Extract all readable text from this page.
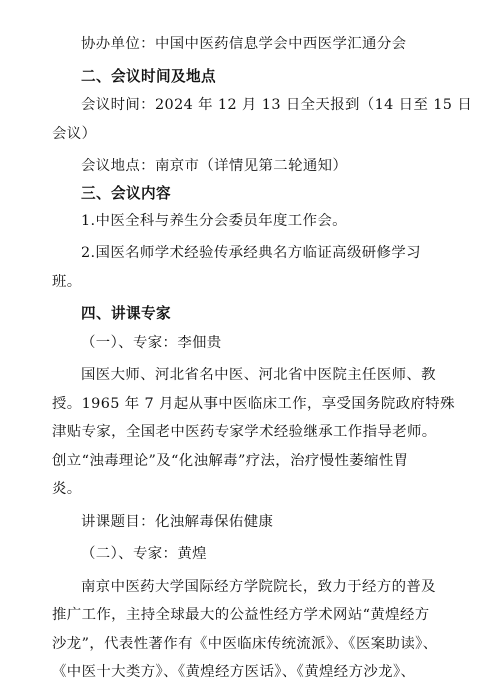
协办单位：中国中医药信息学会中西医学汇通分会

二、会议时间及地点

会议时间：2024 年 12 月 13 日全天报到（14 日至 15 日

会议）

会议地点：南京市（详情见第二轮通知）

三、会议内容

1.中医全科与养生分会委员年度工作会。

2.国医名师学术经验传承经典名方临证高级研修学习

班。

四、讲课专家

（一）、专家：李佃贵

国医大师、河北省名中医、河北省中医院主任医师、教

授。1965 年 7 月起从事中医临床工作，享受国务院政府特殊

津贴专家，全国老中医药专家学术经验继承工作指导老师。

创立“浊毒理论”及“化浊解毒”疗法，治疗慢性萎缩性胃

炎。

讲课题目：化浊解毒保佑健康

（二）、专家：黄煌

南京中医药大学国际经方学院院长，致力于经方的普及

推广工作，主持全球最大的公益性经方学术网站“黄煌经方

沙龙”，代表性著作有《中医临床传统流派》、《医案助读》、

《中医十大类方》、《黄煌经方医话》、《黄煌经方沙龙》、
